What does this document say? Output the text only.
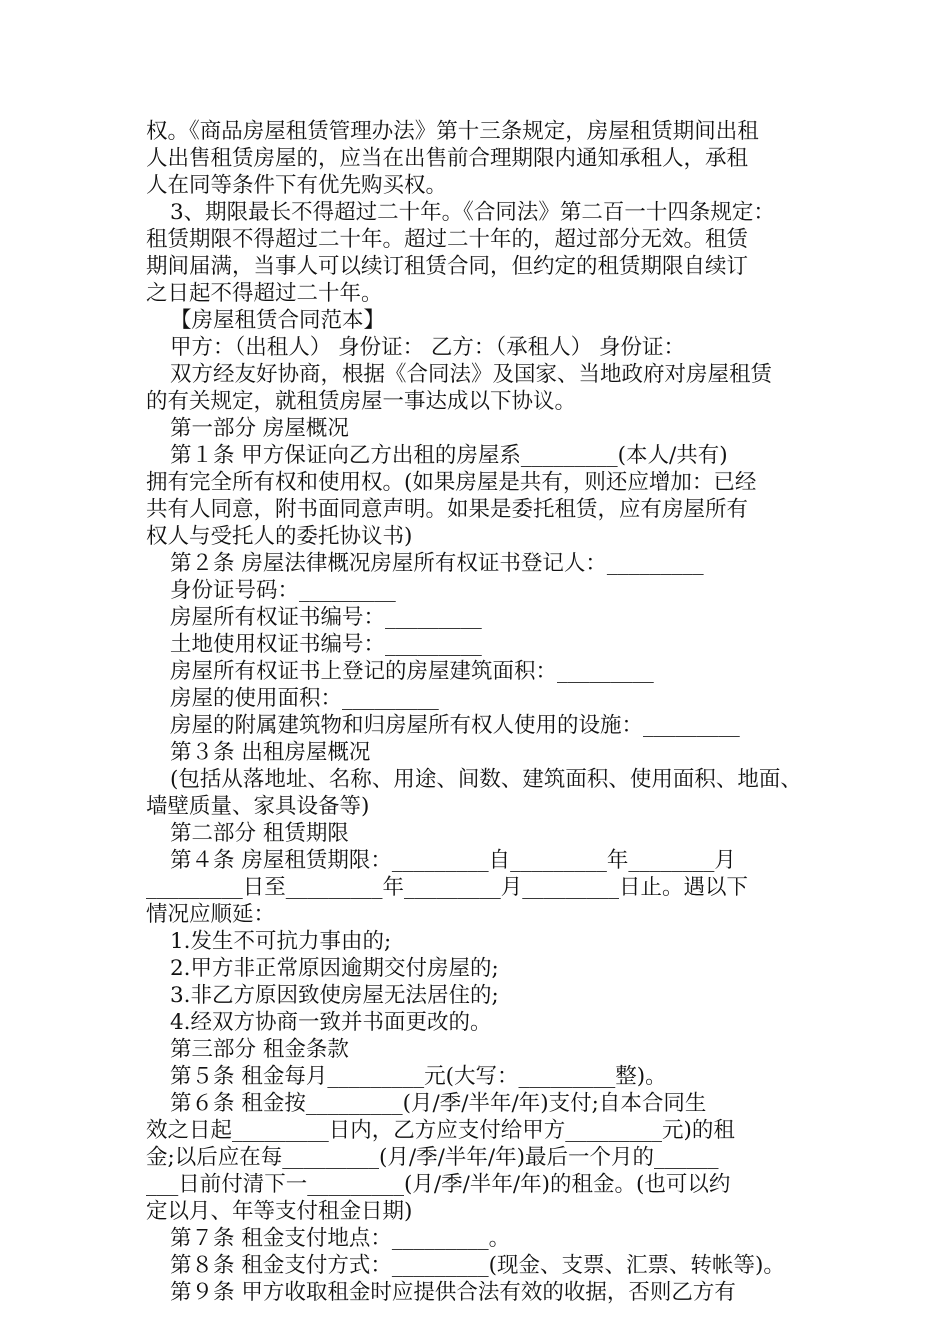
权。《商品房屋租赁管理办法》第十三条规定，房屋租赁期间出租
人出售租赁房屋的，应当在出售前合理期限内通知承租人，承租
人在同等条件下有优先购买权。
3、期限最长不得超过二十年。《合同法》第二百一十四条规定：
租赁期限不得超过二十年。超过二十年的，超过部分无效。租赁
期间届满，当事人可以续订租赁合同，但约定的租赁期限自续订
之日起不得超过二十年。
【房屋租赁合同范本】
甲方：（出租人） 身份证： 乙方：（承租人） 身份证：
双方经友好协商，根据《合同法》及国家、当地政府对房屋租赁
的有关规定，就租赁房屋一事达成以下协议。
第一部分 房屋概况
第１条 甲方保证向乙方出租的房屋系_________(本人/共有)
拥有完全所有权和使用权。(如果房屋是共有，则还应增加：已经
共有人同意，附书面同意声明。如果是委托租赁，应有房屋所有
权人与受托人的委托协议书)
第２条 房屋法律概况房屋所有权证书登记人：_________
身份证号码：_________
房屋所有权证书编号：_________
土地使用权证书编号：_________
房屋所有权证书上登记的房屋建筑面积：_________
房屋的使用面积：_________
房屋的附属建筑物和归房屋所有权人使用的设施：_________
第３条 出租房屋概况
(包括从落地址、名称、用途、间数、建筑面积、使用面积、地面、
墙壁质量、家具设备等)
第二部分 租赁期限
第４条 房屋租赁期限：_________自_________年________月
_________日至_________年_________月_________日止。遇以下
情况应顺延：
1.发生不可抗力事由的;
2.甲方非正常原因逾期交付房屋的;
3.非乙方原因致使房屋无法居住的;
4.经双方协商一致并书面更改的。
第三部分 租金条款
第５条 租金每月_________元(大写：_________整)。
第６条 租金按_________(月/季/半年/年)支付;自本合同生
效之日起_________日内，乙方应支付给甲方_________元)的租
金;以后应在每_________(月/季/半年/年)最后一个月的______
___日前付清下一_________(月/季/半年/年)的租金。(也可以约
定以月、年等支付租金日期)
第７条 租金支付地点：_________。
第８条 租金支付方式：_________(现金、支票、汇票、转帐等)。
第９条 甲方收取租金时应提供合法有效的收据，否则乙方有
